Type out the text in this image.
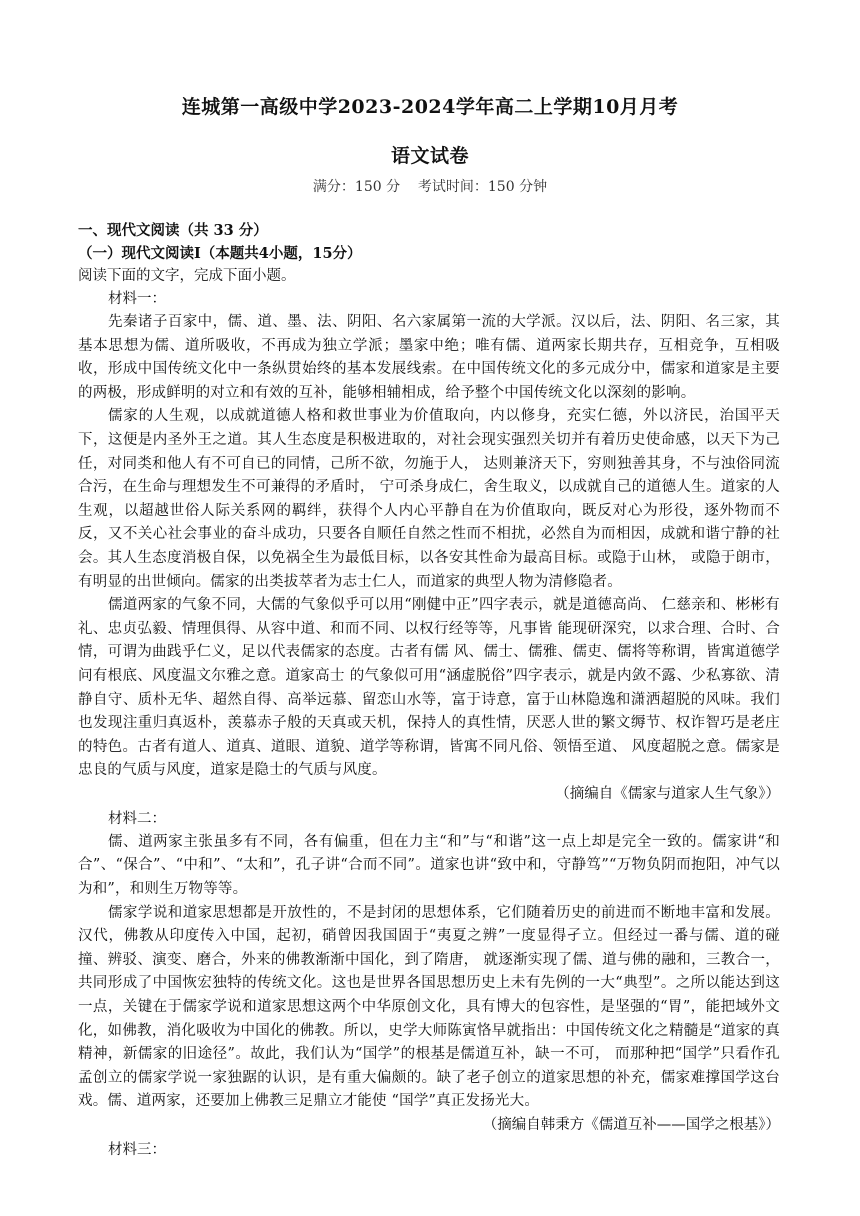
连城第一高级中学2023-2024学年高二上学期10月月考
语文试卷
满分：150 分    考试时间：150 分钟
一、现代文阅读（共 33 分）
（一）现代文阅读Ⅰ（本题共4小题，15分）
阅读下面的文字，完成下面小题。
材料一：
先秦诸子百家中，儒、道、墨、法、阴阳、名六家属第一流的大学派。汉以后，法、阴阳、名三家，其基本思想为儒、道所吸收，不再成为独立学派；墨家中绝；唯有儒、道两家长期共存，互相竞争，互相吸收，形成中国传统文化中一条纵贯始终的基本发展线索。在中国传统文化的多元成分中，儒家和道家是主要的两极，形成鲜明的对立和有效的互补，能够相辅相成，给予整个中国传统文化以深刻的影响。
儒家的人生观，以成就道德人格和救世事业为价值取向，内以修身，充实仁德，外以济民，治国平天下，这便是内圣外王之道。其人生态度是积极进取的，对社会现实强烈关切并有着历史使命感，以天下为己任，对同类和他人有不可自已的同情，己所不欲，勿施于人， 达则兼济天下，穷则独善其身，不与浊俗同流合污，在生命与理想发生不可兼得的矛盾时， 宁可杀身成仁，舍生取义，以成就自己的道德人生。道家的人生观，以超越世俗人际关系网的羁绊，获得个人内心平静自在为价值取向，既反对心为形役，逐外物而不反，又不关心社会事业的奋斗成功，只要各自顺任自然之性而不相扰，必然自为而相因，成就和谐宁静的社会。其人生态度消极自保，以免祸全生为最低目标，以各安其性命为最高目标。或隐于山林， 或隐于朗市，有明显的出世倾向。儒家的出类拔萃者为志士仁人，而道家的典型人物为清修隐者。
儒道两家的气象不同，大儒的气象似乎可以用“刚健中正”四字表示，就是道德高尚、 仁慈亲和、彬彬有礼、忠贞弘毅、情理俱得、从容中道、和而不同、以权行经等等，凡事皆 能现研深究，以求合理、合时、合情，可谓为曲践乎仁义，足以代表儒家的态度。古者有儒 风、儒士、儒雅、儒吏、儒将等称谓，皆寓道德学问有根底、风度温文尔雅之意。道家高士 的气象似可用“涵虚脱俗”四字表示，就是内敛不露、少私寡欲、清静自守、质朴无华、超然自得、高举远慕、留恋山水等，富于诗意，富于山林隐逸和潇洒超脱的风味。我们也发现注重归真返朴，羡慕赤子般的天真或天机，保持人的真性情，厌恶人世的繁文缛节、权诈智巧是老庄的特色。古者有道人、道真、道眼、道貌、道学等称谓，皆寓不同凡俗、领悟至道、 风度超脱之意。儒家是忠良的气质与风度，道家是隐士的气质与风度。
（摘编自《儒家与道家人生气象》）
材料二：
儒、道两家主张虽多有不同，各有偏重，但在力主“和”与“和谐”这一点上却是完全一致的。儒家讲“和合”、“保合”、“中和”、“太和”，孔子讲“合而不同”。道家也讲“致中和，守静笃”“万物负阴而抱阳，冲气以为和”，和则生万物等等。
儒家学说和道家思想都是开放性的，不是封闭的思想体系，它们随着历史的前进而不断地丰富和发展。汉代，佛教从印度传入中国，起初，硝曾因我国固于“夷夏之辨”一度显得孑立。但经过一番与儒、道的碰撞、辨驳、演变、磨合，外来的佛教渐渐中国化，到了隋唐， 就逐渐实现了儒、道与佛的融和，三教合一，共同形成了中国恢宏独特的传统文化。这也是世界各国思想历史上未有先例的一大“典型”。之所以能达到这一点，关键在于儒家学说和道家思想这两个中华原创文化，具有博大的包容性，是坚强的“胃”，能把域外文化，如佛教，消化吸收为中国化的佛教。所以，史学大师陈寅恪早就指出：中国传统文化之精髓是“道家的真精神，新儒家的旧途径”。故此，我们认为“国学”的根基是儒道互补，缺一不可， 而那种把“国学”只看作孔孟创立的儒家学说一家独踞的认识，是有重大偏颇的。缺了老子创立的道家思想的补充，儒家难撑国学这台戏。儒、道两家，还要加上佛教三足鼎立才能使 “国学”真正发扬光大。
（摘编自韩秉方《儒道互补——国学之根基》）
材料三：
